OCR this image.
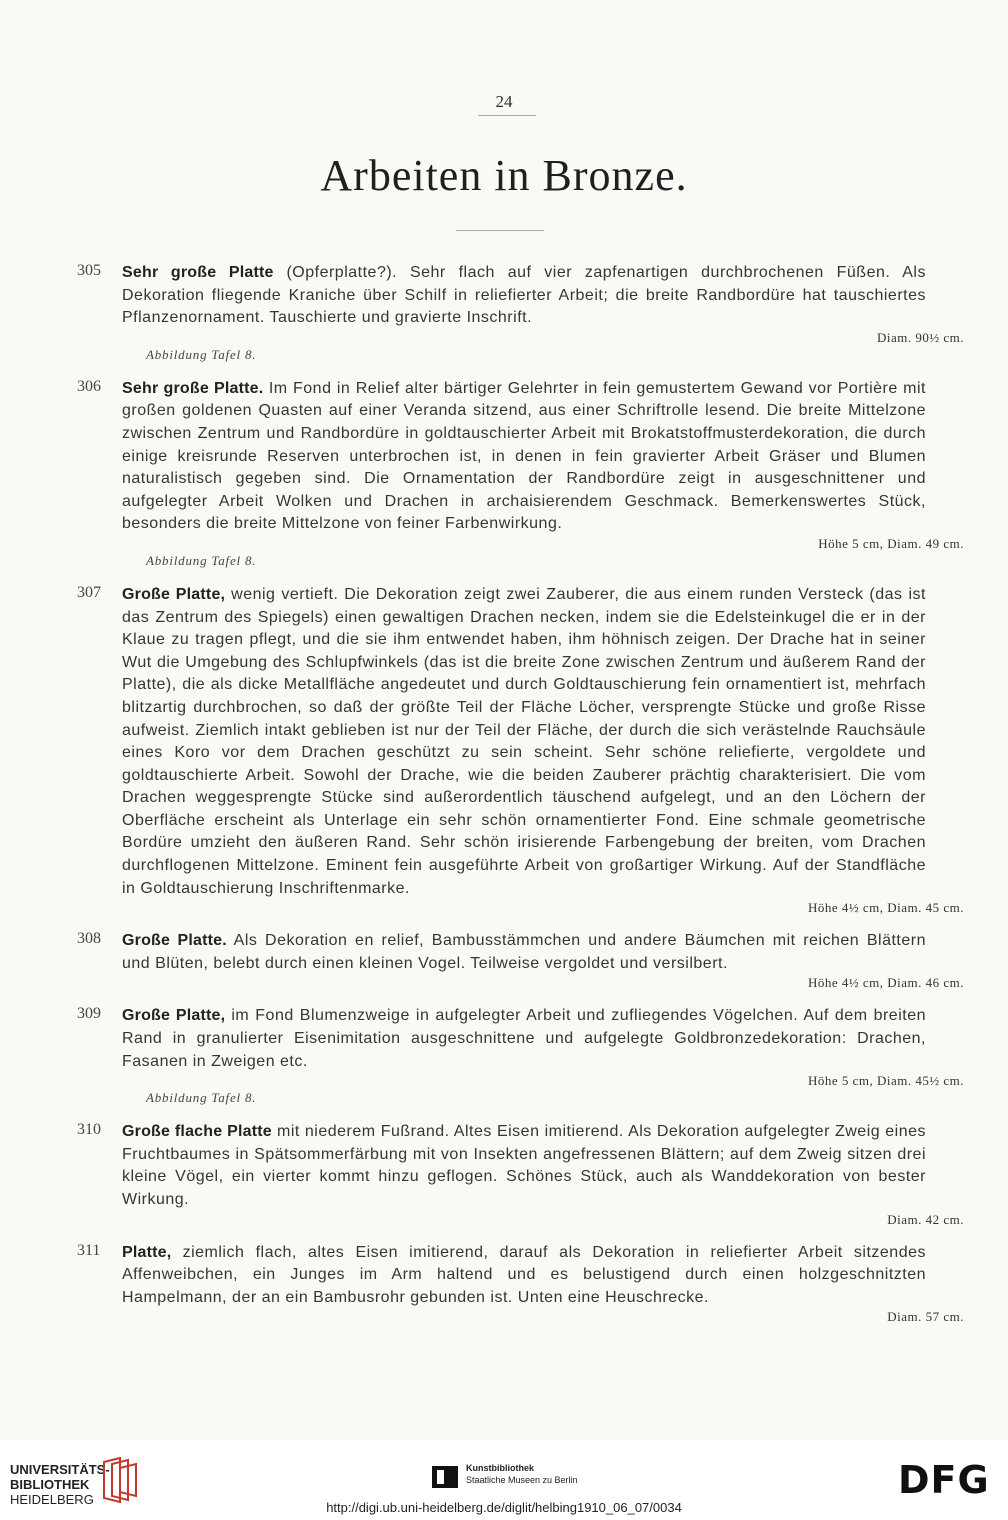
24
Arbeiten in Bronze.
305	Sehr große Platte (Opferplatte?). Sehr flach auf vier zapfenartigen durchbrochenen Füßen. Als Dekoration fliegende Kraniche über Schilf in reliefierter Arbeit; die breite Randbordüre hat tauschiertes Pflanzenornament. Tauschierte und gravierte Inschrift.
Diam. 90½ cm.
Abbildung Tafel 8.
306	Sehr große Platte. Im Fond in Relief alter bärtiger Gelehrter in fein gemustertem Gewand vor Portière mit großen goldenen Quasten auf einer Veranda sitzend, aus einer Schriftrolle lesend. Die breite Mittelzone zwischen Zentrum und Randbordüre in goldtauschierter Arbeit mit Brokatstoffmusterdekoration, die durch einige kreisrunde Reserven unterbrochen ist, in denen in fein gravierter Arbeit Gräser und Blumen naturalistisch gegeben sind. Die Ornamentation der Randbordüre zeigt in ausgeschnittener und aufgelegter Arbeit Wolken und Drachen in archaisierendem Geschmack. Bemerkenswertes Stück, besonders die breite Mittelzone von feiner Farbenwirkung.
Höhe 5 cm, Diam. 49 cm.
Abbildung Tafel 8.
307	Große Platte, wenig vertieft. Die Dekoration zeigt zwei Zauberer, die aus einem runden Versteck (das ist das Zentrum des Spiegels) einen gewaltigen Drachen necken, indem sie die Edelsteinkugel die er in der Klaue zu tragen pflegt, und die sie ihm entwendet haben, ihm höhnisch zeigen. Der Drache hat in seiner Wut die Umgebung des Schlupfwinkels (das ist die breite Zone zwischen Zentrum und äußerem Rand der Platte), die als dicke Metallfläche angedeutet und durch Goldtauschierung fein ornamentiert ist, mehrfach blitzartig durchbrochen, so daß der größte Teil der Fläche Löcher, versprengte Stücke und große Risse aufweist. Ziemlich intakt geblieben ist nur der Teil der Fläche, der durch die sich verästelnde Rauchsäule eines Koro vor dem Drachen geschützt zu sein scheint. Sehr schöne reliefierte, vergoldete und goldtauschierte Arbeit. Sowohl der Drache, wie die beiden Zauberer prächtig charakterisiert. Die vom Drachen weggesprengte Stücke sind außerordentlich täuschend aufgelegt, und an den Löchern der Oberfläche erscheint als Unterlage ein sehr schön ornamentierter Fond. Eine schmale geometrische Bordüre umzieht den äußeren Rand. Sehr schön irisierende Farbengebung der breiten, vom Drachen durchflogenen Mittelzone. Eminent fein ausgeführte Arbeit von großartiger Wirkung. Auf der Standfläche in Goldtauschierung Inschriftenmarke.
Höhe 4½ cm, Diam. 45 cm.
308	Große Platte. Als Dekoration en relief, Bambusstämmchen und andere Bäumchen mit reichen Blättern und Blüten, belebt durch einen kleinen Vogel. Teilweise vergoldet und versilbert.
Höhe 4½ cm, Diam. 46 cm.
309	Große Platte, im Fond Blumenzweige in aufgelegter Arbeit und zufliegendes Vögelchen. Auf dem breiten Rand in granulierter Eisenimitation ausgeschnittene und aufgelegte Goldbronzedekoration: Drachen, Fasanen in Zweigen etc.
Höhe 5 cm, Diam. 45½ cm.
Abbildung Tafel 8.
310	Große flache Platte mit niederem Fußrand. Altes Eisen imitierend. Als Dekoration aufgelegter Zweig eines Fruchtbaumes in Spätsommerfärbung mit von Insekten angefressenen Blättern; auf dem Zweig sitzen drei kleine Vögel, ein vierter kommt hinzu geflogen. Schönes Stück, auch als Wanddekoration von bester Wirkung.
Diam. 42 cm.
311	Platte, ziemlich flach, altes Eisen imitierend, darauf als Dekoration in reliefierter Arbeit sitzendes Affenweibchen, ein Junges im Arm haltend und es belustigend durch einen holzgeschnitzten Hampelmann, der an ein Bambusrohr gebunden ist. Unten eine Heuschrecke.
Diam. 57 cm.
UNIVERSITÄTS-
BIBLIOTHEK
HEIDELBERG
Kunstbibliothek
Staatliche Museen zu Berlin	DFG
http://digi.ub.uni-heidelberg.de/diglit/helbing1910_06_07/0034
